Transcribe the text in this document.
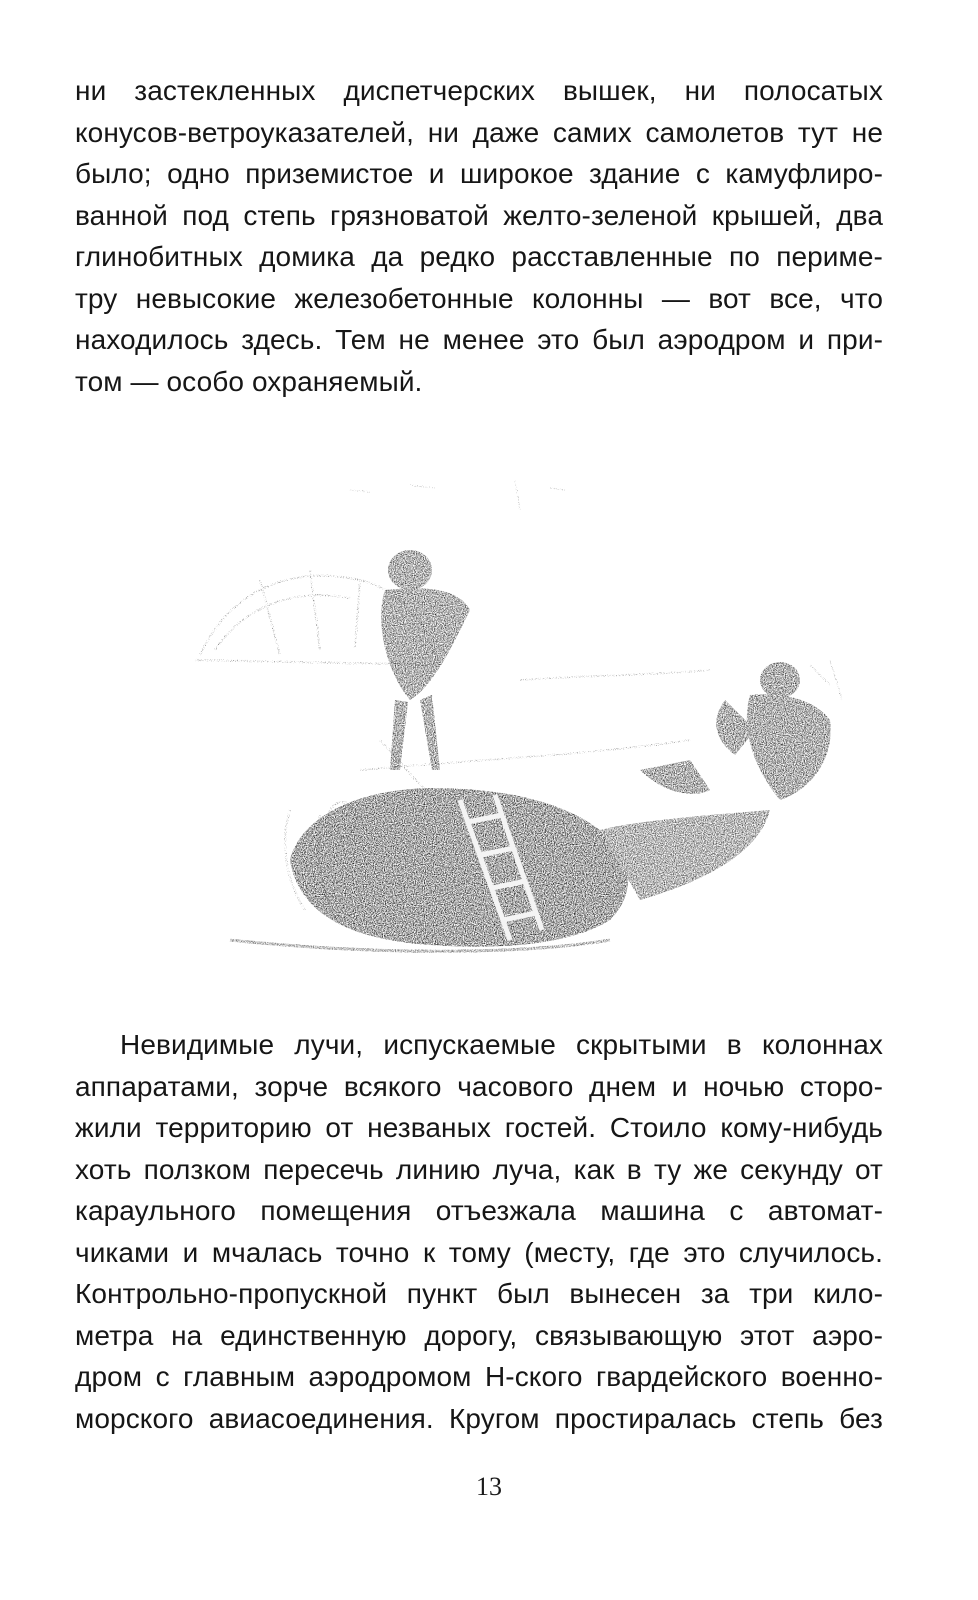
ни застекленных диспетчерских вышек, ни полосатых
конусов-ветроуказателей, ни даже самих самолетов тут не
было; одно приземистое и широкое здание с камуфлиро-
ванной под степь грязноватой желто-зеленой крышей, два
глинобитных домика да редко расставленные по перимe-
тру невысокие железобетонные колонны — вот все, что
находилось здесь. Тем не менее это был аэродром и при-
том — особо охраняемый.

Невидимые лучи, испускаемые скрытыми в колоннах
аппаратами, зорче всякого часового днем и ночью сторо-
жили территорию от незваных гостей. Стоило кому-нибудь
хоть ползком пересечь линию луча, как в ту же секунду от
караульного помещения отъезжала машина с автомат-
чиками и мчалась точно к тому (месту, где это случилось.
Контрольно-пропускной пункт был вынесен за три кило-
метра на единственную дорогу, связывающую этот аэро-
дром с главным аэродромом Н-ского гвардейского военно-
морского авиасоединения. Кругом простиралась степь без

13
